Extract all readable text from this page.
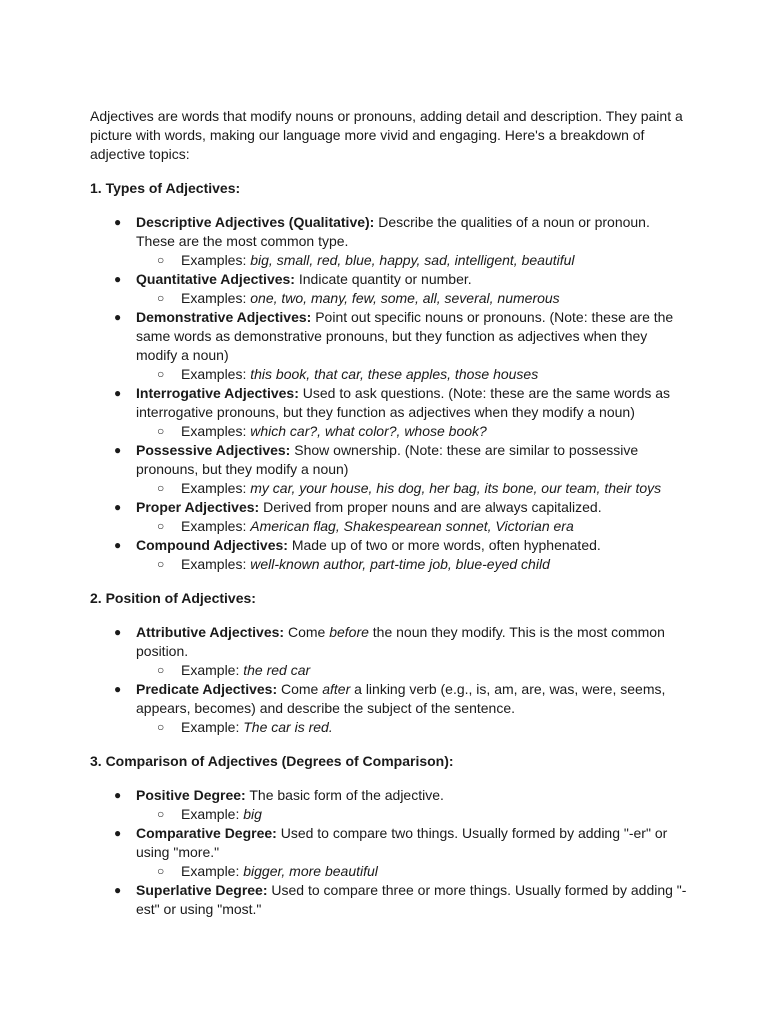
Adjectives are words that modify nouns or pronouns, adding detail and description. They paint a picture with words, making our language more vivid and engaging. Here's a breakdown of adjective topics:

1. Types of Adjectives:
●	Descriptive Adjectives (Qualitative): Describe the qualities of a noun or pronoun. These are the most common type.
○ Examples: big, small, red, blue, happy, sad, intelligent, beautiful
●	Quantitative Adjectives: Indicate quantity or number.
○ Examples: one, two, many, few, some, all, several, numerous
●	Demonstrative Adjectives: Point out specific nouns or pronouns. (Note: these are the same words as demonstrative pronouns, but they function as adjectives when they modify a noun)
○ Examples: this book, that car, these apples, those houses
●	Interrogative Adjectives: Used to ask questions. (Note: these are the same words as interrogative pronouns, but they function as adjectives when they modify a noun)
○ Examples: which car?, what color?, whose book?
●	Possessive Adjectives: Show ownership. (Note: these are similar to possessive pronouns, but they modify a noun)
○ Examples: my car, your house, his dog, her bag, its bone, our team, their toys
●	Proper Adjectives: Derived from proper nouns and are always capitalized.
○ Examples: American flag, Shakespearean sonnet, Victorian era
●	Compound Adjectives: Made up of two or more words, often hyphenated.
○ Examples: well-known author, part-time job, blue-eyed child
2. Position of Adjectives:
●	Attributive Adjectives: Come before the noun they modify. This is the most common position.
○ Example: the red car
●	Predicate Adjectives: Come after a linking verb (e.g., is, am, are, was, were, seems, appears, becomes) and describe the subject of the sentence.
○ Example: The car is red.
3. Comparison of Adjectives (Degrees of Comparison):
●	Positive Degree: The basic form of the adjective.
○ Example: big
●	Comparative Degree: Used to compare two things. Usually formed by adding "-er" or using "more."
○ Example: bigger, more beautiful
●	Superlative Degree: Used to compare three or more things. Usually formed by adding "-est" or using "most."
